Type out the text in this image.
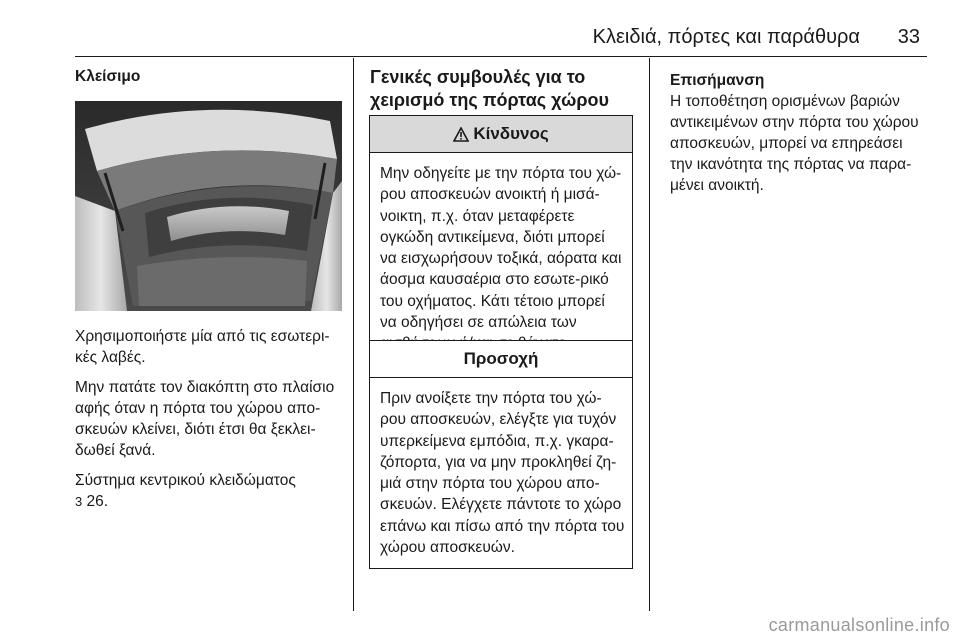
Κλειδιά, πόρτες και παράθυρα 33
Κλείσιμο

Χρησιμοποιήστε μία από τις εσωτερι-κές λαβές.

Μην πατάτε τον διακόπτη στο πλαίσιο αφής όταν η πόρτα του χώρου απο-σκευών κλείνει, διότι έτσι θα ξεκλει-δωθεί ξανά.

Σύστημα κεντρικού κλειδώματος
3 26.

Γενικές συμβουλές για το χειρισμό της πόρτας χώρου
Κίνδυνος
Μην οδηγείτε με την πόρτα του χώ-ρου αποσκευών ανοικτή ή μισά-νοικτη, π.χ. όταν μεταφέρετε ογκώδη αντικείμενα, διότι μπορεί να εισχωρήσουν τοξικά, αόρατα και άοσμα καυσαέρια στο εσωτε-ρικό του οχήματος. Κάτι τέτοιο μπορεί να οδηγήσει σε απώλεια των
Προσοχή
Πριν ανοίξετε την πόρτα του χώ-ρου αποσκευών, ελέγξτε για τυχόν υπερκείμενα εμπόδια, π.χ. γκαρα-ζόπορτα, για να μην προκληθεί ζη-μιά στην πόρτα του χώρου απο-σκευών. Ελέγχετε πάντοτε το χώρο επάνω και πίσω από την πόρτα του χώρου αποσκευών.
Επισήμανση

Η τοποθέτηση ορισμένων βαριών αντικειμένων στην πόρτα του χώρου αποσκευών, μπορεί να επηρεάσει την ικανότητα της πόρτας να παρα-μένει ανοικτή.

carmanualsonline.info
